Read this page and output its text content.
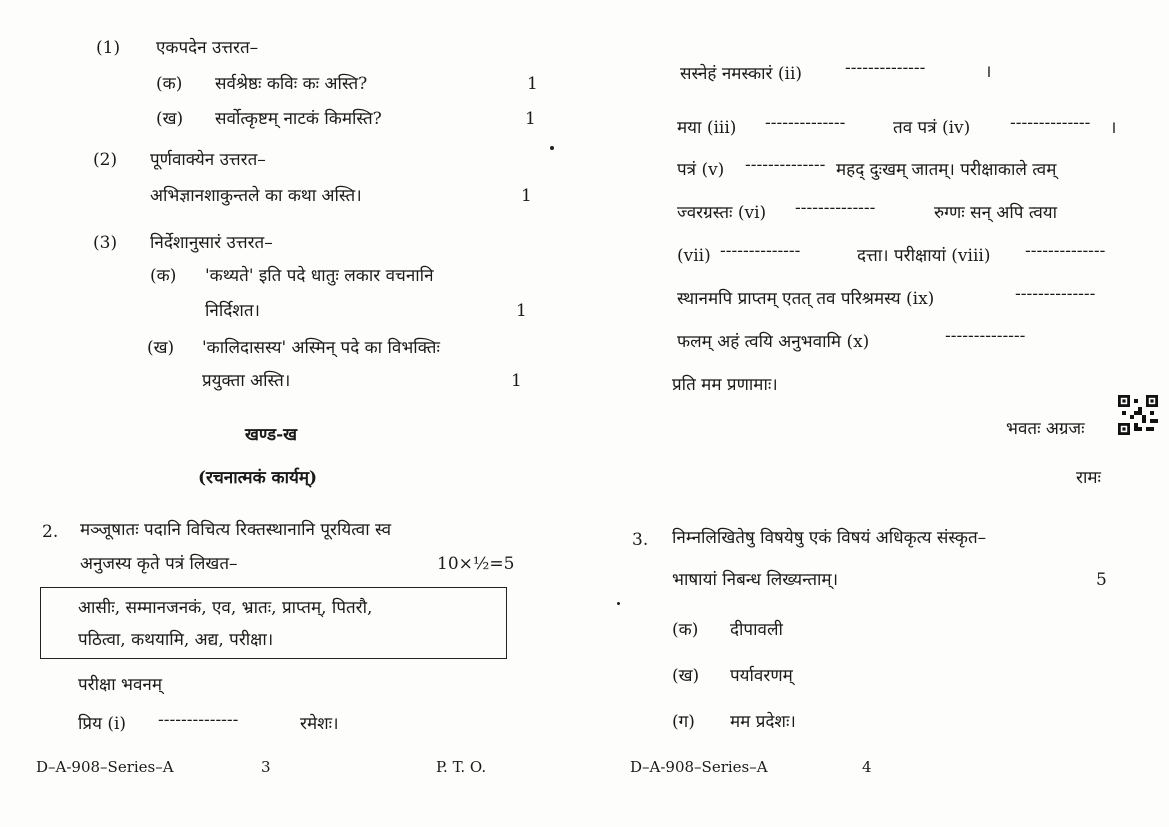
(1) एकपदेन उत्तरत–
(क) सर्वश्रेष्ठः कविः कः अस्ति?	1
(ख) सर्वोत्कृष्टम् नाटकं किमस्ति?	1
(2) पूर्णवाक्येन उत्तरत–
अभिज्ञानशाकुन्तले का कथा अस्ति।	1
(3) निर्देशानुसारं उत्तरत–
(क) 'कथ्यते' इति पदे धातुः लकार वचनानि
निर्दिशत।	1
(ख) 'कालिदासस्य' अस्मिन् पदे का विभक्तिः
प्रयुक्ता अस्ति।	1
खण्ड-ख
(रचनात्मकं कार्यम्)
2. मञ्जूषातः पदानि विचित्य रिक्तस्थानानि पूरयित्वा स्व
अनुजस्य कृते पत्रं लिखत–	10×½=5
आसीः, सम्मानजनकं, एव, भ्रातः, प्राप्तम्, पितरौ,
पठित्वा, कथयामि, अद्य, परीक्षा।
परीक्षा भवनम्
प्रिय (i) --------------	रमेशः।
D–A-908–Series–A	3	P. T. O.
सस्नेहं नमस्कारं (ii)	--------------	।
मया (iii) --------------	तव पत्रं (iv) -------------- ।
पत्रं (v) -------------- महद् दुःखम् जातम्। परीक्षाकाले त्वम्
ज्वरग्रस्तः (vi) --------------	रुग्णः सन् अपि त्वया
(vii) --------------	दत्ता। परीक्षायां (viii) --------------
स्थानमपि प्राप्तम् एतत् तव परिश्रमस्य (ix)	--------------
फलम् अहं त्वयि अनुभवामि (x)	--------------
प्रति मम प्रणामाः।
भवतः अग्रजः
रामः
3. निम्नलिखितेषु विषयेषु एकं विषयं अधिकृत्य संस्कृत–
भाषायां निबन्ध लिख्यन्ताम्।	5
(क) दीपावली
(ख) पर्यावरणम्
(ग) मम प्रदेशः।
D–A-908–Series–A	4
